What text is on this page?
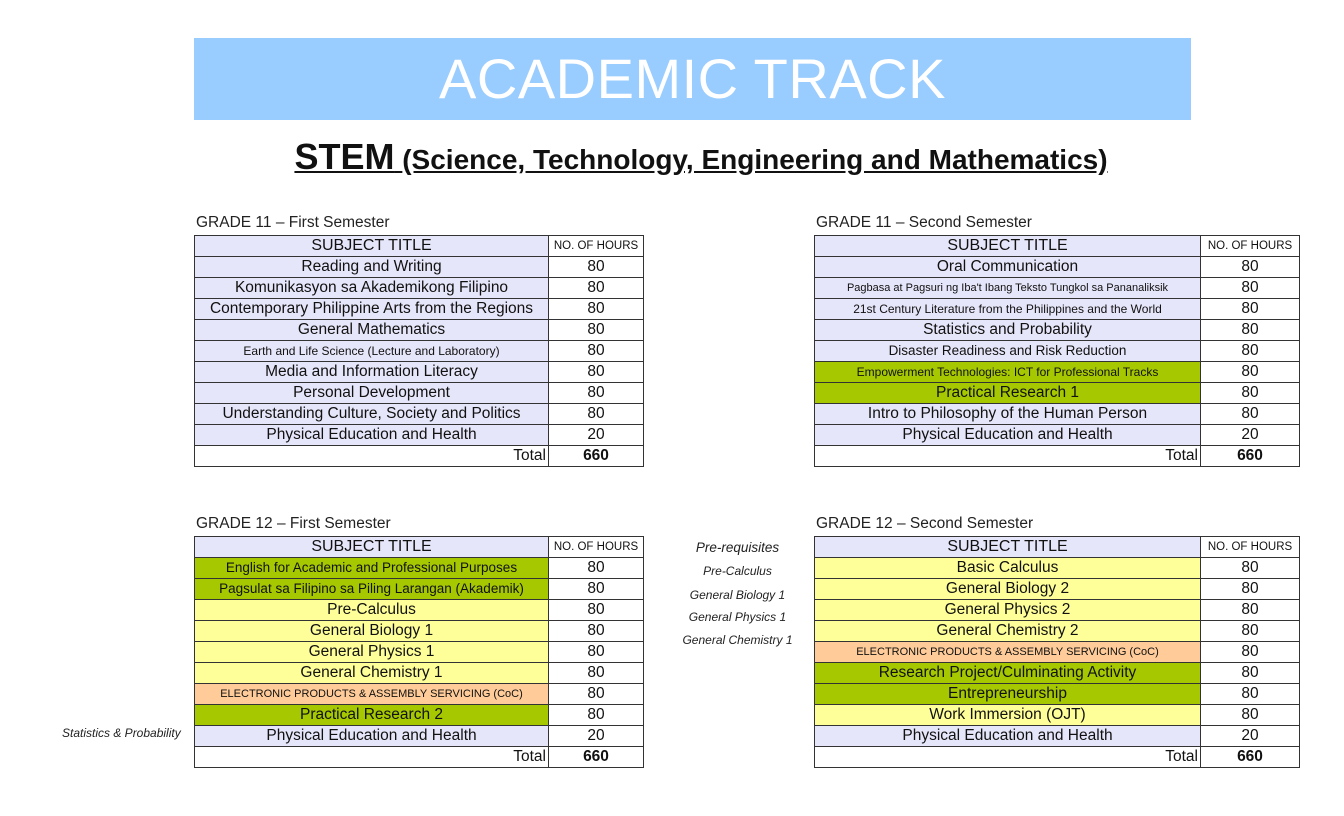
ACADEMIC TRACK
STEM (Science, Technology, Engineering and Mathematics)
GRADE 11 – First Semester
SUBJECT TITLE	NO. OF HOURS
Reading and Writing	80
Komunikasyon sa Akademikong Filipino	80
Contemporary Philippine Arts from the Regions	80
General Mathematics	80
Earth and Life Science (Lecture and Laboratory)	80
Media and Information Literacy	80
Personal Development	80
Understanding Culture, Society and Politics	80
Physical Education and Health	20
Total	660
GRADE 11 – Second Semester
SUBJECT TITLE	NO. OF HOURS
Oral Communication	80
Pagbasa at Pagsuri ng Iba't Ibang Teksto Tungkol sa Pananaliksik	80
21st Century Literature from the Philippines and the World	80
Statistics and Probability	80
Disaster Readiness and Risk Reduction	80
Empowerment Technologies: ICT for Professional Tracks	80
Practical Research 1	80
Intro to Philosophy of the Human Person	80
Physical Education and Health	20
Total	660
GRADE 12 – First Semester
Statistics & Probability
SUBJECT TITLE	NO. OF HOURS
English for Academic and Professional Purposes	80
Pagsulat sa Filipino sa Piling Larangan (Akademik)	80
Pre-Calculus	80
General Biology 1	80
General Physics 1	80
General Chemistry 1	80
ELECTRONIC PRODUCTS & ASSEMBLY SERVICING (CoC)	80
Practical Research 2	80
Physical Education and Health	20
Total	660
Pre-requisites
Pre-Calculus
General Biology 1
General Physics 1
General Chemistry 1
GRADE 12 – Second Semester
SUBJECT TITLE	NO. OF HOURS
Basic Calculus	80
General Biology 2	80
General Physics 2	80
General Chemistry 2	80
ELECTRONIC PRODUCTS & ASSEMBLY SERVICING (CoC)	80
Research Project/Culminating Activity	80
Entrepreneurship	80
Work Immersion (OJT)	80
Physical Education and Health	20
Total	660
